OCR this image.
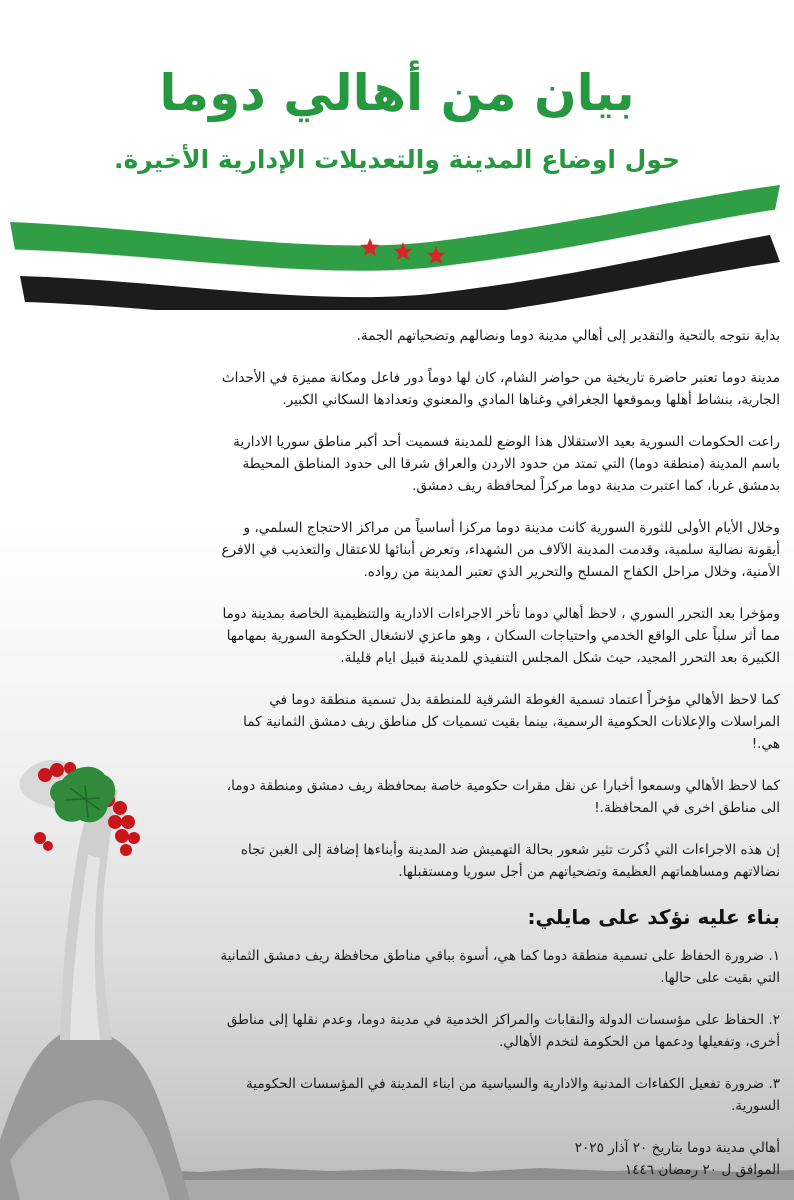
بيان من أهالي دوما
حول اوضاع المدينة والتعديلات الإدارية الأخيرة.

بداية نتوجه بالتحية والتقدير إلى أهالي مدينة دوما ونضالهم وتضحياتهم الجمة.

مدينة دوما تعتبر حاضرة تاريخية من حواضر الشام، كان لها دوماً دور فاعل ومكانة مميزة في الأحداث الجارية، بنشاط أهلها وبموقعها الجغرافي وغناها المادي والمعنوي وتعدادها السكاني الكبير.

راعت الحكومات السورية بعيد الاستقلال هذا الوضع للمدينة فسميت أحد أكبر مناطق سوريا الادارية باسم المدينة (منطقة دوما) التي تمتد من حدود الاردن والعراق شرقا الى حدود المناطق المحيطة بدمشق غربا، كما اعتبرت مدينة دوما مركزاً لمحافظة ريف دمشق.

وخلال الأيام الأولى للثورة السورية كانت مدينة دوما مركزا أساسياً من مراكز الاحتجاج السلمي، و أيقونة نضالية سلمية، وقدمت المدينة الآلاف من الشهداء، وتعرض أبنائها للاعتقال والتعذيب في الافرع الأمنية، وخلال مراحل الكفاح المسلح والتحرير الذي تعتبر المدينة من رواده.

ومؤخرا بعد التحرر السوري ، لاحظ أهالي دوما تأخر الاجراءات الادارية والتنظيمية الخاصة بمدينة دوما مما أثر سلباً على الواقع الخدمي واحتياجات السكان ، وهو ماعزي لانشغال الحكومة السورية بمهامها الكبيرة بعد التحرر المجيد، حيث شكل المجلس التنفيذي للمدينة قبيل ايام قليلة.

كما لاحظ الأهالي مؤخراً اعتماد تسمية الغوطة الشرقية للمنطقة بدل تسمية منطقة دوما في المراسلات والإعلانات الحكومية الرسمية، بينما بقيت تسميات كل مناطق ريف دمشق الثمانية كما هي.!

كما لاحظ الأهالي وسمعوا أخبارا عن نقل مقرات حكومية خاصة بمحافظة ريف دمشق ومنطقة دوما، الى مناطق اخرى في المحافظة.!

إن هذه الاجراءات التي ذُكرت تثير شعور بحالة التهميش ضد المدينة وأبناءها إضافة إلى الغبن تجاه نضالاتهم ومساهماتهم العظيمة وتضحياتهم من أجل سوريا ومستقبلها.

بناء عليه نؤكد على مايلي:

١. ضرورة الحفاظ على تسمية منطقة دوما كما هي، أسوة بباقي مناطق محافظة ريف دمشق الثمانية التي بقيت على حالها.

٢. الحفاظ على مؤسسات الدولة والنقابات والمراكز الخدمية في مدينة دوما، وعدم نقلها إلى مناطق أخرى، وتفعيلها ودعمها من الحكومة لتخدم الأهالي.

٣. ضرورة تفعيل الكفاءات المدنية والادارية والسياسية من ابناء المدينة في المؤسسات الحكومية السورية.

أهالي مدينة دوما بتاريخ ٢٠ آذار ٢٠٢٥
الموافق ل ٢٠ رمضان ١٤٤٦
